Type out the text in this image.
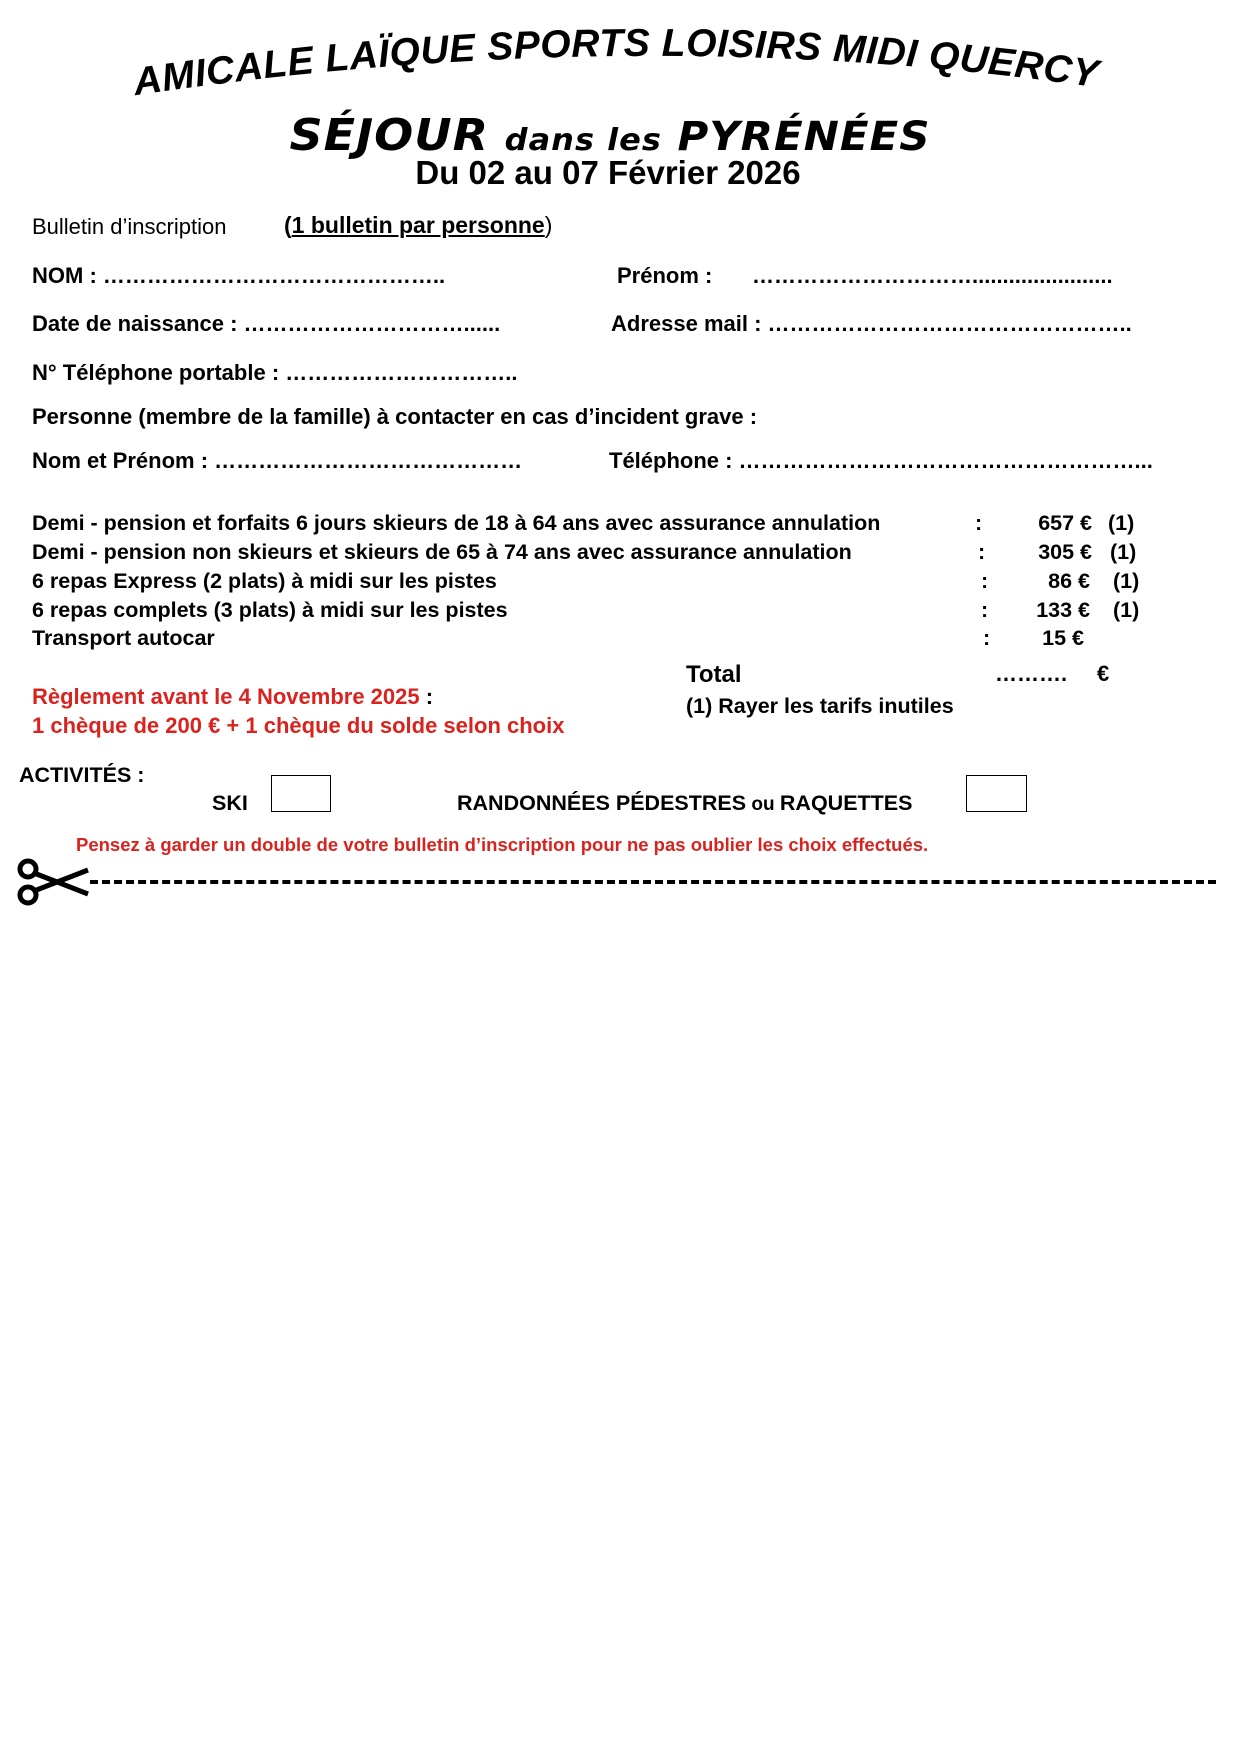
AMICALE LAÏQUE SPORTS LOISIRS MIDI QUERCY
SÉJOUR dans les PYRÉNÉES
Du 02 au 07 Février 2026
Bulletin d’inscription	(1 bulletin par personne)
NOM : ………………………………………..	Prénom : ………………………….......................
Date de naissance : …………………………......	Adresse mail : …………………………………………..
N° Téléphone portable : …………………………..
Personne (membre de la famille) à contacter en cas d’incident grave :
Nom et Prénom : ……………………………………	Téléphone : ………………………………………………...
Demi - pension et forfaits 6 jours skieurs de 18 à 64 ans avec assurance annulation	:	657 € (1)
Demi - pension non skieurs et skieurs de 65 à 74 ans avec assurance annulation	:	305 € (1)
6 repas Express (2 plats) à midi sur les pistes	:	86 € (1)
6 repas complets (3 plats) à midi sur les pistes	:	133 € (1)
Transport autocar	:	15 €
Total	………. €
(1) Rayer les tarifs inutiles
Règlement avant le 4 Novembre 2025 :
1 chèque de 200 € + 1 chèque du solde selon choix
ACTIVITÉS :
SKI	RANDONNÉES PÉDESTRES ou RAQUETTES
Pensez à garder un double de votre bulletin d’inscription pour ne pas oublier les choix effectués.
